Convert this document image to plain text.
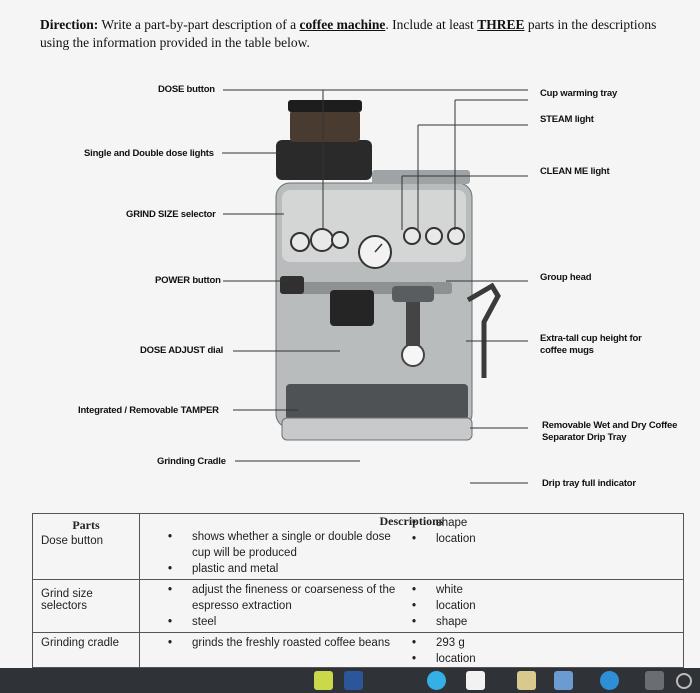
Direction: Write a part-by-part description of a coffee machine. Include at least THREE parts in the descriptions using the information provided in the table below.
DOSE button
Single and Double dose lights
GRIND SIZE selector
POWER button
DOSE ADJUST dial
Integrated / Removable TAMPER
Grinding Cradle
Cup warming tray
STEAM light
CLEAN ME light
Group head
Extra-tall cup height for coffee mugs
Removable Wet and Dry Coffee Separator Drip Tray
Drip tray full indicator
Parts
Dose button

Descriptions
• shows whether a single or double dose cup will be produced
• plastic and metal
• shape
• location

Grind size selectors	
• adjust the fineness or coarseness of the espresso extraction
• steel
• white
• location
• shape

Grinding cradle	
•grinds the freshly roasted coffee beans
•	293 g
• location
